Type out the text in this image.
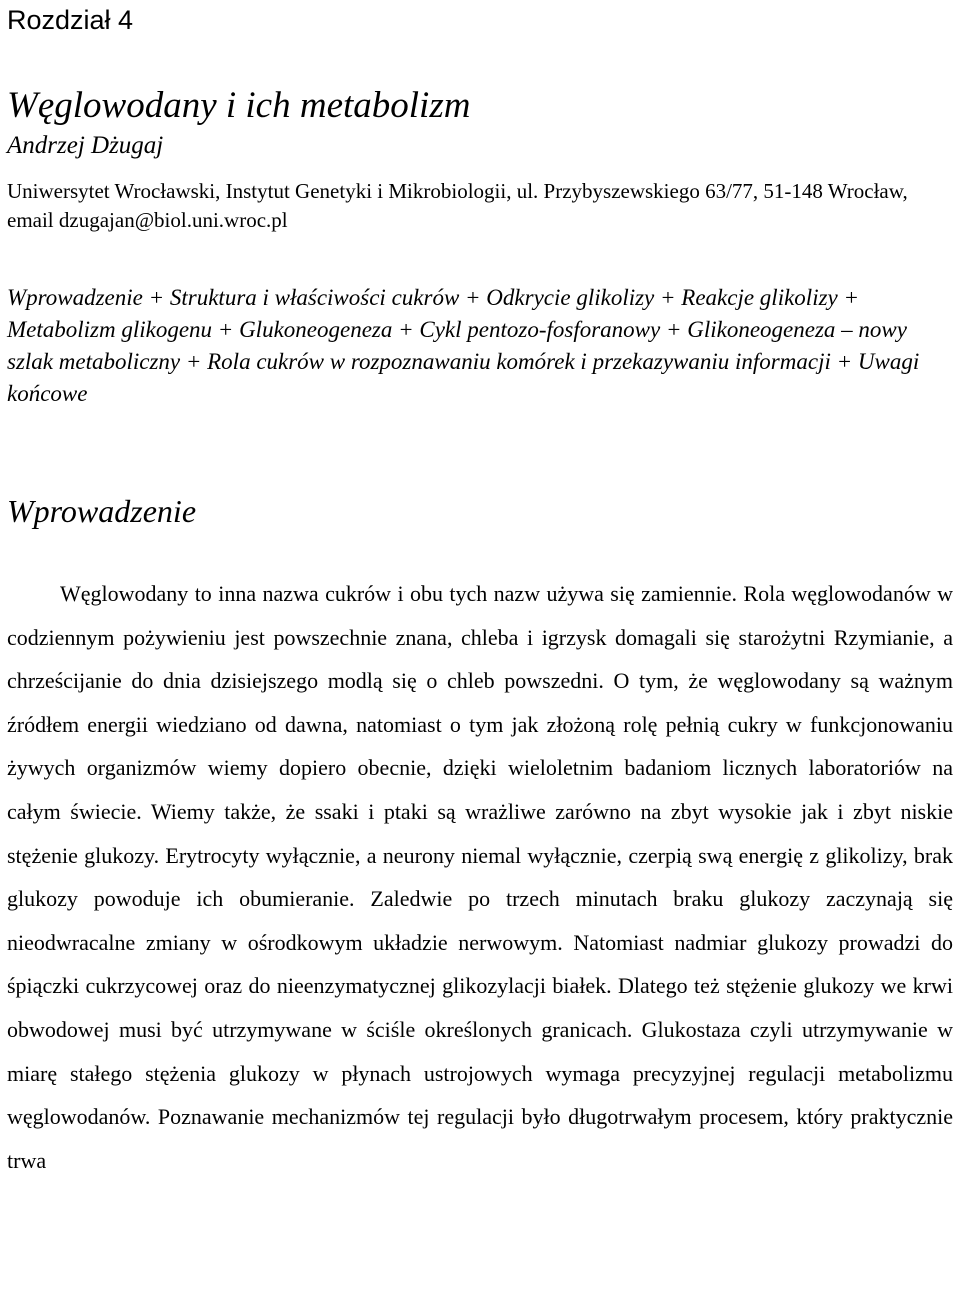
Rozdział 4
Węglowodany i ich metabolizm
Andrzej Dżugaj

Uniwersytet Wrocławski, Instytut Genetyki i Mikrobiologii, ul. Przybyszewskiego 63/77, 51-148 Wrocław, email dzugajan@biol.uni.wroc.pl

Wprowadzenie + Struktura i właściwości cukrów + Odkrycie glikolizy + Reakcje glikolizy + Metabolizm glikogenu + Glukoneogeneza + Cykl pentozo-fosforanowy + Glikoneogeneza – nowy szlak metaboliczny + Rola cukrów w rozpoznawaniu komórek i przekazywaniu informacji + Uwagi końcowe

Wprowadzenie

Węglowodany to inna nazwa cukrów i obu tych nazw używa się zamiennie. Rola węglowodanów w codziennym pożywieniu jest powszechnie znana, chleba i igrzysk domagali się starożytni Rzymianie, a chrześcijanie do dnia dzisiejszego modlą się o chleb powszedni. O tym, że węglowodany są ważnym źródłem energii wiedziano od dawna, natomiast o tym jak złożoną rolę pełnią cukry w funkcjonowaniu żywych organizmów wiemy dopiero obecnie, dzięki wieloletnim badaniom licznych laboratoriów na całym świecie. Wiemy także, że ssaki i ptaki są wrażliwe zarówno na zbyt wysokie jak i zbyt niskie stężenie glukozy. Erytrocyty wyłącznie, a neurony niemal wyłącznie, czerpią swą energię z glikolizy, brak glukozy powoduje ich obumieranie. Zaledwie po trzech minutach braku glukozy zaczynają się nieodwracalne zmiany w ośrodkowym układzie nerwowym. Natomiast nadmiar glukozy prowadzi do śpiączki cukrzycowej oraz do nieenzymatycznej glikozylacji białek. Dlatego też stężenie glukozy we krwi obwodowej musi być utrzymywane w ściśle określonych granicach. Glukostaza czyli utrzymywanie w miarę stałego stężenia glukozy w płynach ustrojowych wymaga precyzyjnej regulacji metabolizmu węglowodanów. Poznawanie mechanizmów tej regulacji było długotrwałym procesem, który praktycznie trwa
